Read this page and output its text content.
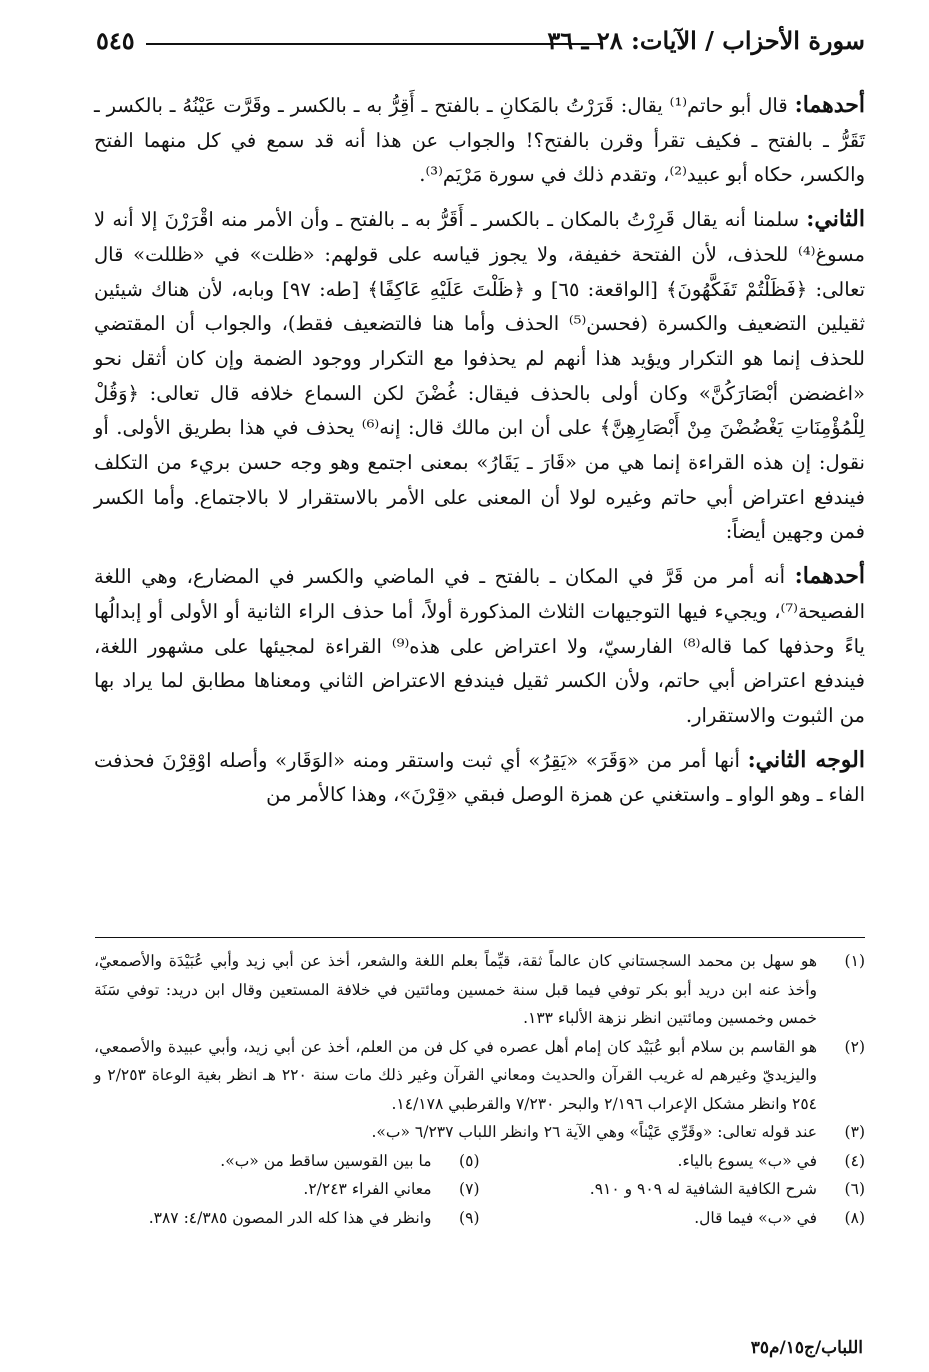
سورة الأحزاب / الآيات: ٢٨ ـ ٣٦
٥٤٥

أحدهما: قال أبو حاتم⁽¹⁾ يقال: قَرَرْتُ بالمَكانِ ـ بالفتح ـ أَقِرُّ به ـ بالكسر ـ وقَرَّت عَيْنُهُ ـ بالكسر ـ تَقَرُّ ـ بالفتح ـ فكيف تقرأ وقرن بالفتح؟! والجواب عن هذا أنه قد سمع في كل منهما الفتح والكسر، حكاه أبو عبيد⁽²⁾، وتقدم ذلك في سورة مَرْيَم⁽³⁾.

الثاني: سلمنا أنه يقال قَرِرْتُ بالمكان ـ بالكسر ـ أَقَرُّ به ـ بالفتح ـ وأن الأمر منه اقْرَرْنَ إلا أنه لا مسوغ⁽⁴⁾ للحذف، لأن الفتحة خفيفة، ولا يجوز قياسه على قولهم: «ظلت» في «ظللت» قال تعالى: ﴿فَظَلْتُمْ تَفَكَّهُونَ﴾ [الواقعة: ٦٥] و ﴿ظَلْتَ عَلَيْهِ عَاكِفًا﴾ [طه: ٩٧] وبابه، لأن هناك شيئين ثقيلين التضعيف والكسرة (فحسن⁽⁵⁾ الحذف وأما هنا فالتضعيف فقط)، والجواب أن المقتضي للحذف إنما هو التكرار ويؤيد هذا أنهم لم يحذفوا مع التكرار ووجود الضمة وإن كان أثقل نحو «اغضضن أبْصَارَكُنَّ» وكان أولى بالحذف فيقال: غُضْنَ لكن السماع خلافه قال تعالى: ﴿وَقُلْ لِلْمُؤْمِنَاتِ يَغْضُضْنَ مِنْ أَبْصَارِهِنَّ﴾ على أن ابن مالك قال: إنه⁽⁶⁾ يحذف في هذا بطريق الأولى. أو نقول: إن هذه القراءة إنما هي من «قَارَ ـ يَقَارُ» بمعنى اجتمع وهو وجه حسن بريء من التكلف فيندفع اعتراض أبي حاتم وغيره لولا أن المعنى على الأمر بالاستقرار لا بالاجتماع. وأما الكسر فمن وجهين أيضاً:

أحدهما: أنه أمر من قَرَّ في المكان ـ بالفتح ـ في الماضي والكسر في المضارع، وهي اللغة الفصيحة⁽⁷⁾، ويجيء فيها التوجيهات الثلاث المذكورة أولاً، أما حذف الراء الثانية أو الأولى أو إبدالُها ياءً وحذفها كما قاله⁽⁸⁾ الفارسيّ، ولا اعتراض على هذه⁽⁹⁾ القراءة لمجيئها على مشهور اللغة، فيندفع اعتراض أبي حاتم، ولأن الكسر ثقيل فيندفع الاعتراض الثاني ومعناها مطابق لما يراد بها من الثبوت والاستقرار.

الوجه الثاني: أنها أمر من «وَقَرَ» «يَقِرُ» أي ثبت واستقر ومنه «الوَقَار» وأصله اوْقِرْنَ فحذفت الفاء ـ وهو الواو ـ واستغني عن همزة الوصل فبقي «قِرْنَ»، وهذا كالأمر من

(١)
هو سهل بن محمد السجستاني كان عالماً ثقة، قيِّماً بعلم اللغة والشعر، أخذ عن أبي زيد وأبي عُبَيْدَة والأصمعيّ، وأخذ عنه ابن دريد أبو بكر توفي فيما قبل سنة خمسين ومائتين في خلافة المستعين وقال ابن دريد: توفي سَنَة خمس وخمسين ومائتين انظر نزهة الألباء ١٣٣.
(٢)
هو القاسم بن سلام أبو عُبَيْد كان إمام أهل عصره في كل فن من العلم، أخذ عن أبي زيد، وأبي عبيدة والأصمعي، واليزيديّ وغيرهم له غريب القرآن والحديث ومعاني القرآن وغير ذلك مات سنة ٢٢٠ هـ انظر بغية الوعاة ٢/٢٥٣ و ٢٥٤ وانظر مشكل الإعراب ٢/١٩٦ والبحر ٧/٢٣٠ والقرطبي ١٤/١٧٨.
(٣)
عند قوله تعالى: «وقَرِّي عَيْناً» وهي الآية ٢٦ وانظر اللباب ٦/٢٣٧ «ب».
(٤)
في «ب» يسوع بالياء.
(٥)
ما بين القوسين ساقط من «ب».
(٦)
شرح الكافية الشافية له ٩٠٩ و ٩١٠.
(٧)
معاني الفراء ٢/٢٤٣.
(٨)
في «ب» فيما قال.
(٩)
وانظر في هذا كله الدر المصون ٤/٣٨٥: ٣٨٧.
اللباب/ج١٥/م٣٥
